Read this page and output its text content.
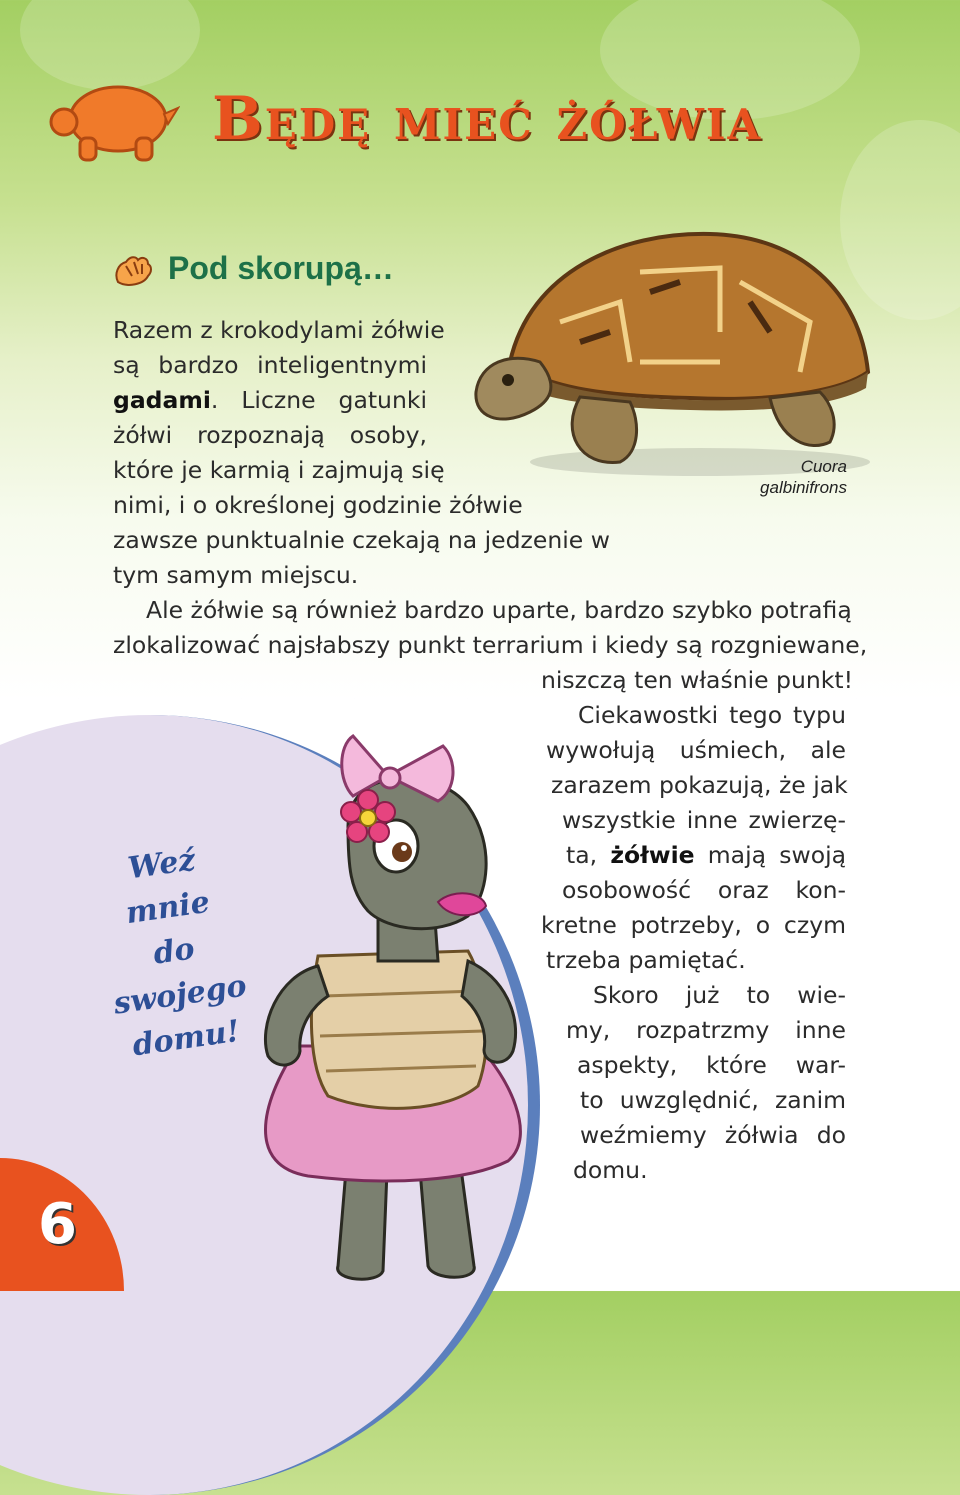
Będę mieć żółwia
Pod skorupą…
Cuora
galbinifrons

Razem z krokodylami żółwie

są bardzo inteligentnymi

gadami. Liczne gatunki

żółwi rozpoznają osoby,

które je karmią i zajmują się

nimi, i o określonej godzinie żółwie

zawsze punktualnie czekają na jedzenie w

tym samym miejscu.

Ale żółwie są również bardzo uparte, bardzo szybko potrafią

zlokalizować najsłabszy punkt terrarium i kiedy są rozgniewane,

niszczą ten właśnie punkt!

Ciekawostki tego typu

wywołują uśmiech, ale

zarazem pokazują, że jak

wszystkie inne zwierzę-

ta, żółwie mają swoją

osobowość oraz kon-

kretne potrzeby, o czym

trzeba pamiętać.

Skoro już to wie-

my, rozpatrzmy inne

aspekty, które war-

to uwzględnić, zanim

weźmiemy żółwia do

domu.

Weź mnie
do swojego
domu!

6
